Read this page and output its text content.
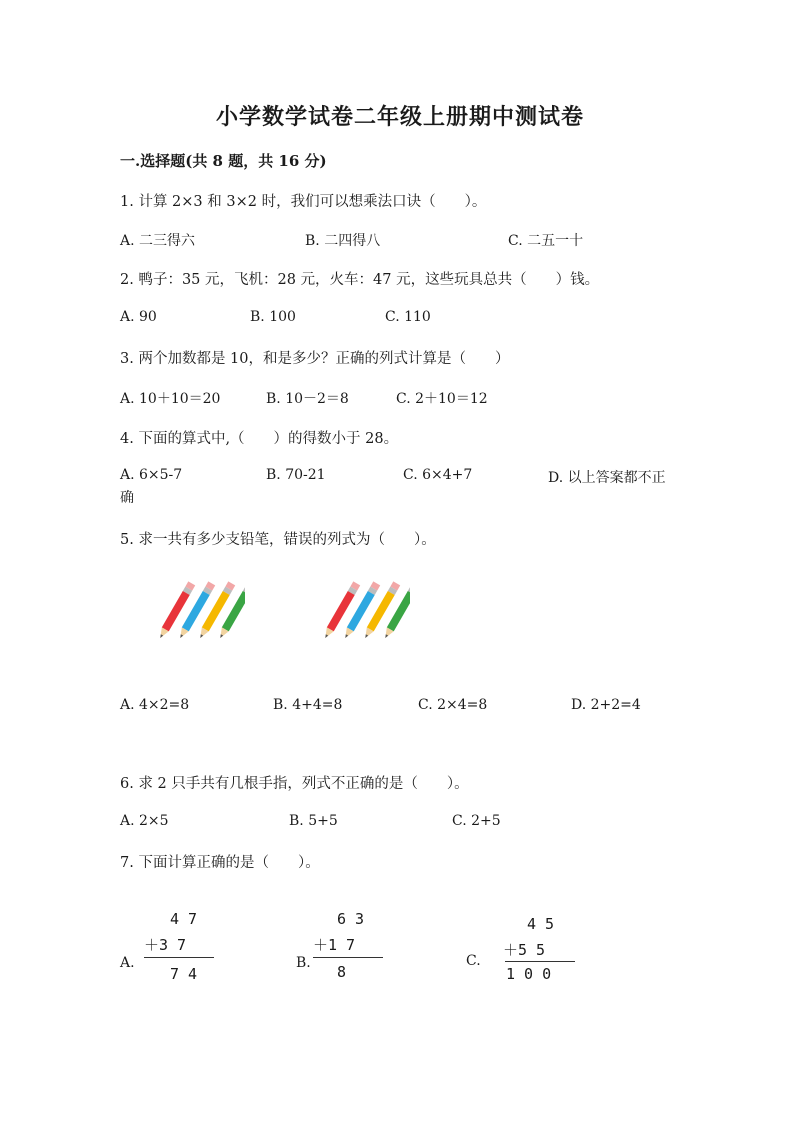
小学数学试卷二年级上册期中测试卷
一.选择题(共 8 题，共 16 分)
1. 计算 2×3 和 3×2 时，我们可以想乘法口诀（　　）。
A. 二三得六	B. 二四得八	C. 二五一十
2. 鸭子：35 元，飞机：28 元，火车：47 元，这些玩具总共（　　）钱。
A. 90	B. 100	C. 110
3. 两个加数都是 10，和是多少？正确的列式计算是（　　）
A. 10＋10＝20	B. 10－2＝8	C. 2＋10＝12
4. 下面的算式中,（　　）的得数小于 28。
A. 6×5-7	B. 70-21	C. 6×4+7	D. 以上答案都不正
确
5. 求一共有多少支铅笔，错误的列式为（　　）。
A. 4×2=8	B. 4+4=8	C. 2×4=8	D. 2+2=4
6. 求 2 只手共有几根手指，列式不正确的是（　　）。
A. 2×5	B. 5+5	C. 2+5
7. 下面计算正确的是（　　）。
A.
4 7
＋3 7
7 4
B.
6 3
＋1 7
8
C.
4 5
＋5 5
1 0 0
